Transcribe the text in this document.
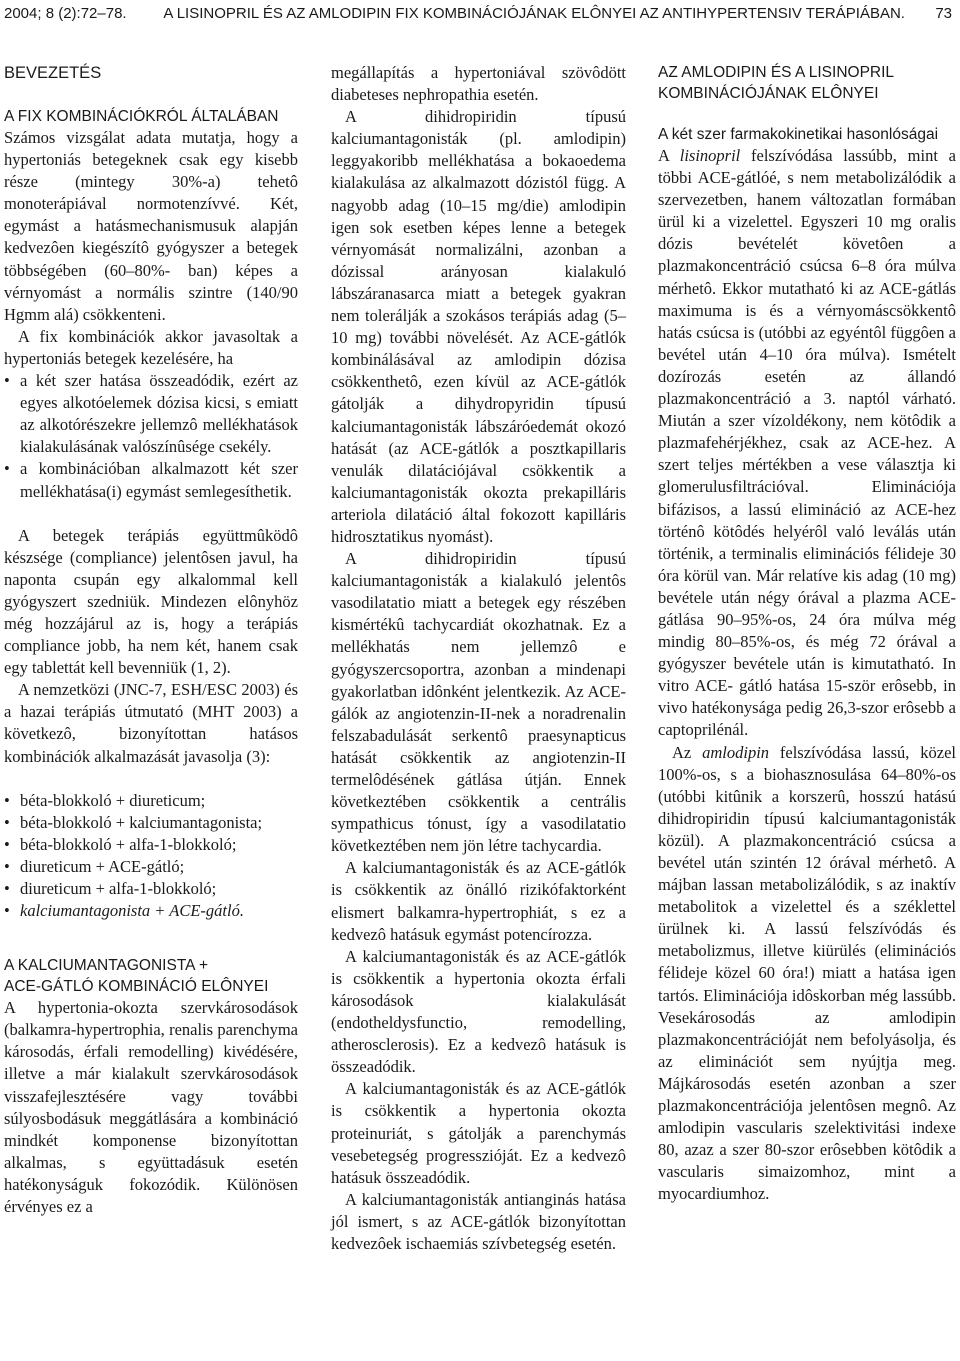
2004; 8 (2):72–78. A LISINOPRIL ÉS AZ AMLODIPIN FIX KOMBINÁCIÓJÁNAK ELÔNYEI AZ ANTIHYPERTENSIV TERÁPIÁBAN. 73
BEVEZETÉS
A FIX KOMBINÁCIÓKRÓL ÁLTALÁBAN

Számos vizsgálat adata mutatja, hogy a hypertoniás betegeknek csak egy kisebb része (mintegy 30%-a) tehetô monoterápiával normotenzívvé. Két, egymást a hatásmechanismusuk alapján kedvezôen kiegészítô gyógyszer a betegek többségében (60–80%- ban) képes a vérnyomást a normális szintre (140/90 Hgmm alá) csökkenteni.

A fix kombinációk akkor javasoltak a hypertoniás betegek kezelésére, ha

• a két szer hatása összeadódik, ezért az egyes alkotóelemek dózisa kicsi, s emiatt az alkotórészekre jellemzô mellékhatások kialakulásának valószínûsége csekély.
• a kombinációban alkalmazott két szer mellékhatása(i) egymást semlegesíthetik.

A betegek terápiás együttmûködô készsége (compliance) jelentôsen javul, ha naponta csupán egy alkalommal kell gyógyszert szedniük. Mindezen elônyhöz még hozzájárul az is, hogy a terápiás compliance jobb, ha nem két, hanem csak egy tablettát kell bevenniük (1, 2).

A nemzetközi (JNC-7, ESH/ESC 2003) és a hazai terápiás útmutató (MHT 2003) a következô, bizonyítottan hatásos kombinációk alkalmazását javasolja (3):

• béta-blokkoló + diureticum;
• béta-blokkoló + kalciumantagonista;
• béta-blokkoló + alfa-1-blokkoló;
• diureticum + ACE-gátló;
• diureticum + alfa-1-blokkoló;
• kalciumantagonista + ACE-gátló.
A KALCIUMANTAGONISTA +
ACE-GÁTLÓ KOMBINÁCIÓ ELÔNYEI

A hypertonia-okozta szervkárosodások (balkamra-hypertrophia, renalis parenchyma károsodás, érfali remodelling) kivédésére, illetve a már kialakult szervkárosodások visszafejlesztésére vagy további súlyosbodásuk meggátlására a kombináció mindkét komponense bizonyítottan alkalmas, s együttadásuk esetén hatékonyságuk fokozódik. Különösen érvényes ez a

megállapítás a hypertoniával szövôdött diabeteses nephropathia esetén.

A dihidropiridin típusú kalciumantagonisták (pl. amlodipin) leggyakoribb mellékhatása a bokaoedema kialakulása az alkalmazott dózistól függ. A nagyobb adag (10–15 mg/die) amlodipin igen sok esetben képes lenne a betegek vérnyomását normalizálni, azonban a dózissal arányosan kialakuló lábszáranasarca miatt a betegek gyakran nem tolerálják a szokásos terápiás adag (5–10 mg) további növelését. Az ACE-gátlók kombinálásával az amlodipin dózisa csökkenthetô, ezen kívül az ACE-gátlók gátolják a dihydropyridin típusú kalciumantagonisták lábszáróedemát okozó hatását (az ACE-gátlók a posztkapillaris venulák dilatációjával csökkentik a kalciumantagonisták okozta prekapilláris arteriola dilatáció által fokozott kapilláris hidrosztatikus nyomást).

A dihidropiridin típusú kalciumantagonisták a kialakuló jelentôs vasodilatatio miatt a betegek egy részében kismértékû tachycardiát okozhatnak. Ez a mellékhatás nem jellemzô e gyógyszercsoportra, azonban a mindenapi gyakorlatban idônként jelentkezik. Az ACE-gálók az angiotenzin-II-nek a noradrenalin felszabadulását serkentô praesynapticus hatását csökkentik az angiotenzin-II termelôdésének gátlása útján. Ennek következtében csökkentik a centrális sympathicus tónust, így a vasodilatatio következtében nem jön létre tachycardia.

A kalciumantagonisták és az ACE-gátlók is csökkentik az önálló rizikófaktorként elismert balkamra-hypertrophiát, s ez a kedvezô hatásuk egymást potencírozza.

A kalciumantagonisták és az ACE-gátlók is csökkentik a hypertonia okozta érfali károsodások kialakulását (endotheldysfunctio, remodelling, atherosclerosis). Ez a kedvezô hatásuk is összeadódik.

A kalciumantagonisták és az ACE-gátlók is csökkentik a hypertonia okozta proteinuriát, s gátolják a parenchymás vesebetegség progresszióját. Ez a kedvezô hatásuk összeadódik.

A kalciumantagonisták antianginás hatása jól ismert, s az ACE-gátlók bizonyítottan kedvezôek ischaemiás szívbetegség esetén.

AZ AMLODIPIN ÉS A LISINOPRIL
KOMBINÁCIÓJÁNAK ELÔNYEI
A két szer farmakokinetikai hasonlóságai

A lisinopril felszívódása lassúbb, mint a többi ACE-gátlóé, s nem metabolizálódik a szervezetben, hanem változatlan formában ürül ki a vizelettel. Egyszeri 10 mg oralis dózis bevételét követôen a plazmakoncentráció csúcsa 6–8 óra múlva mérhetô. Ekkor mutatható ki az ACE-gátlás maximuma is és a vérnyomáscsökkentô hatás csúcsa is (utóbbi az egyéntôl függôen a bevétel után 4–10 óra múlva). Ismételt dozírozás esetén az állandó plazmakoncentráció a 3. naptól várható. Miután a szer vízoldékony, nem kötôdik a plazmafehérjékhez, csak az ACE-hez. A szert teljes mértékben a vese választja ki glomerulusfiltrációval. Eliminációja bifázisos, a lassú elimináció az ACE-hez történô kötôdés helyérôl való leválás után történik, a terminalis eliminációs félideje 30 óra körül van. Már relatíve kis adag (10 mg) bevétele után négy órával a plazma ACE-gátlása 90–95%-os, 24 óra múlva még mindig 80–85%-os, és még 72 órával a gyógyszer bevétele után is kimutatható. In vitro ACE- gátló hatása 15-ször erôsebb, in vivo hatékonysága pedig 26,3-szor erôsebb a captoprilénál.

Az amlodipin felszívódása lassú, közel 100%-os, s a biohasznosulása 64–80%-os (utóbbi kitûnik a korszerû, hosszú hatású dihidropiridin típusú kalciumantagonisták közül). A plazmakoncentráció csúcsa a bevétel után szintén 12 órával mérhetô. A májban lassan metabolizálódik, s az inaktív metabolitok a vizelettel és a széklettel ürülnek ki. A lassú felszívódás és metabolizmus, illetve kiürülés (eliminációs félideje közel 60 óra!) miatt a hatása igen tartós. Eliminációja idôskorban még lassúbb. Vesekárosodás az amlodipin plazmakoncentrációját nem befolyásolja, és az eliminációt sem nyújtja meg. Májkárosodás esetén azonban a szer plazmakoncentrációja jelentôsen megnô. Az amlodipin vascularis szelektivitási indexe 80, azaz a szer 80-szor erôsebben kötôdik a vascularis simaizomhoz, mint a myocardiumhoz.
